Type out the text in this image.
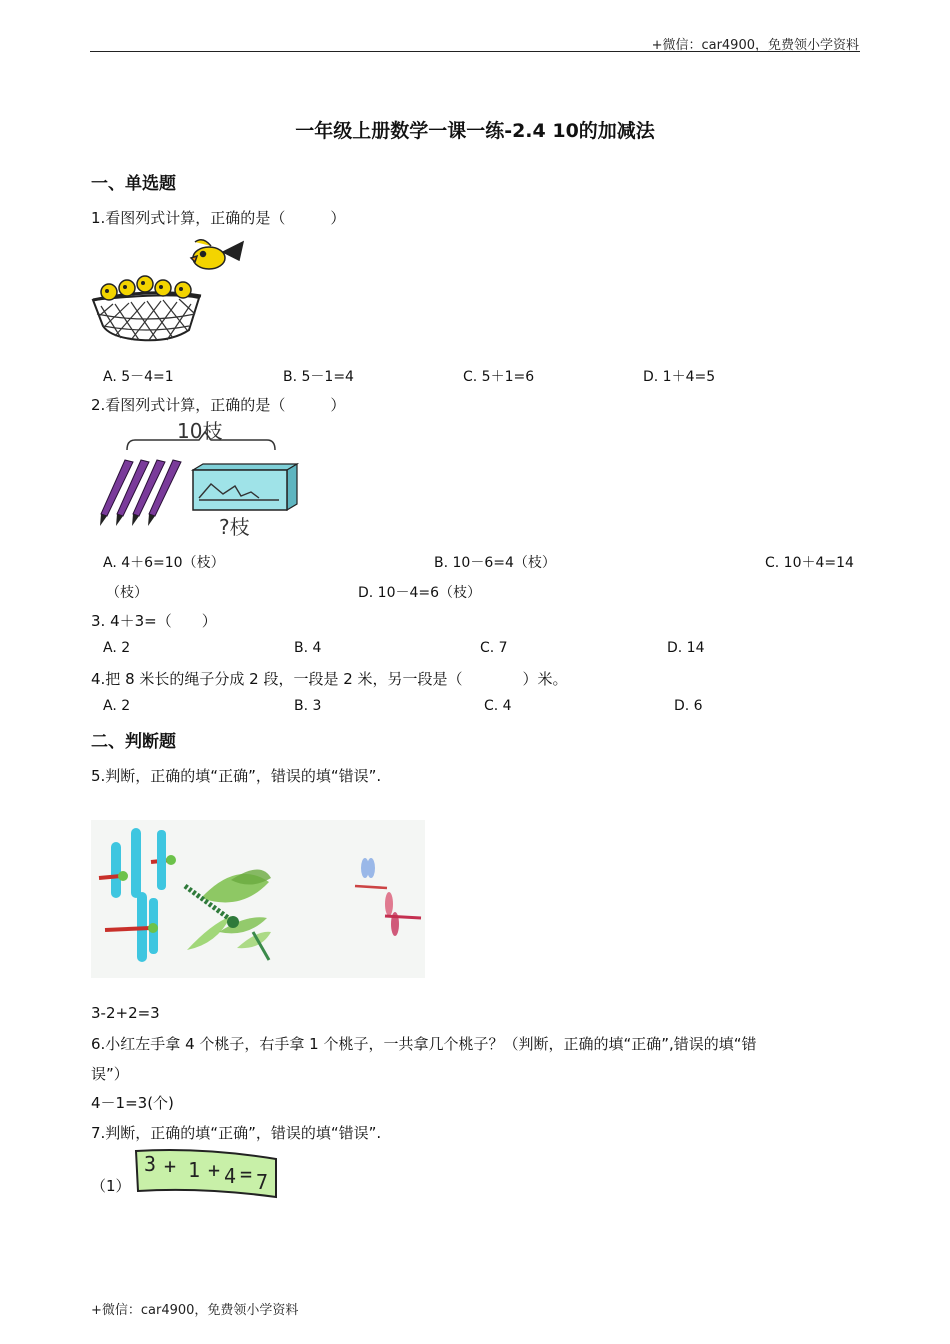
+微信：car4900，免费领小学资料
一年级上册数学一课一练-2.4 10的加减法
一、单选题
1.看图列式计算，正确的是（　　　）
A. 5－4=1	B. 5－1=4	C. 5＋1=6	D. 1＋4=5
2.看图列式计算，正确的是（　　　）
10枝
?枝
A. 4＋6=10（枝）	B. 10－6=4（枝）	C. 10＋4=14
（枝）	D. 10－4=6（枝）
3. 4＋3=（　　）
A. 2	B. 4	C. 7	D. 14
4.把 8 米长的绳子分成 2 段，一段是 2 米，另一段是（　　　　）米。
A. 2	B. 3	C. 4	D. 6
二、判断题
5.判断，正确的填“正确”，错误的填“错误”.
3-2+2=3
6.小红左手拿 4 个桃子，右手拿 1 个桃子，一共拿几个桃子？（判断，正确的填“正确”,错误的填“错
误”）
4－1=3(个)
7.判断，正确的填“正确”，错误的填“错误”.
（1）
3 + 1 + 4 = 7
+微信：car4900，免费领小学资料
